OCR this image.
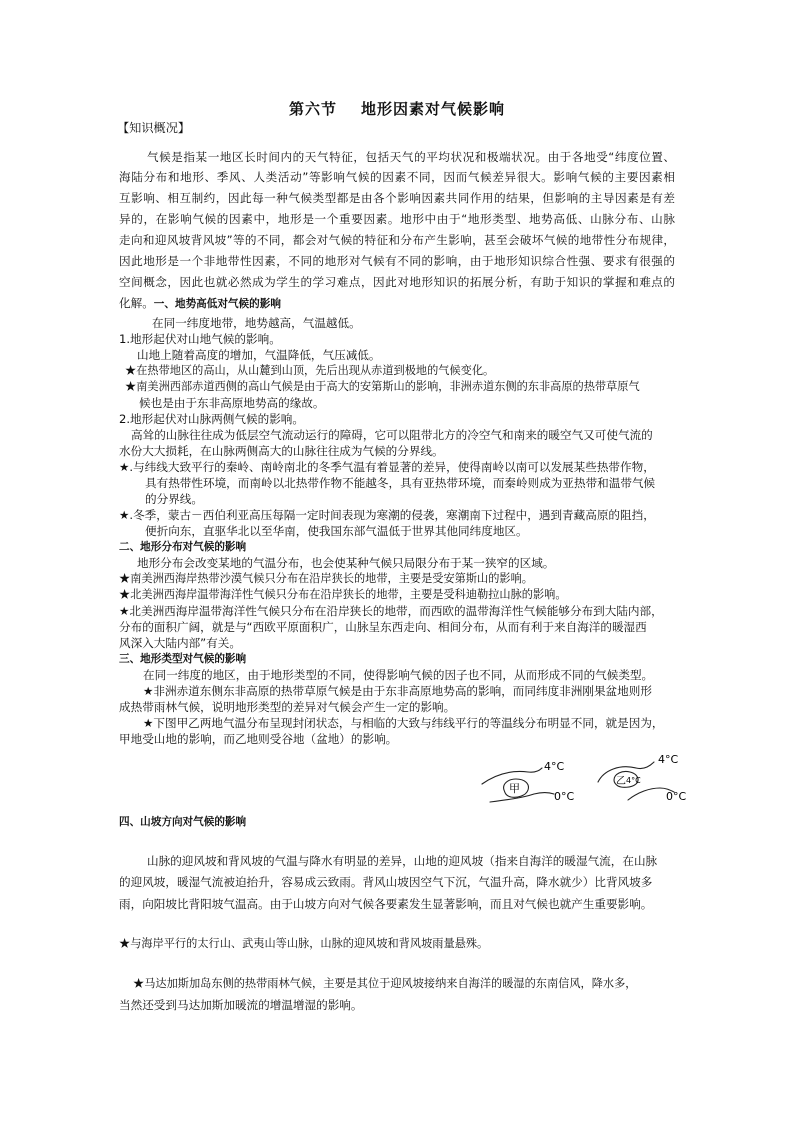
第六节 地形因素对气候影响
【知识概况】
气候是指某一地区长时间内的天气特征，包括天气的平均状况和极端状况。由于各地受“纬度位置、
海陆分布和地形、季风、人类活动”等影响气候的因素不同，因而气候差异很大。影响气候的主要因素相
互影响、相互制约，因此每一种气候类型都是由各个影响因素共同作用的结果，但影响的主导因素是有差
异的，在影响气候的因素中，地形是一个重要因素。地形中由于“地形类型、地势高低、山脉分布、山脉
走向和迎风坡背风坡”等的不同，都会对气候的特征和分布产生影响，甚至会破坏气候的地带性分布规律，
因此地形是一个非地带性因素，不同的地形对气候有不同的影响，由于地形知识综合性强、要求有很强的
空间概念，因此也就必然成为学生的学习难点，因此对地形知识的拓展分析，有助于知识的掌握和难点的
化解。一、地势高低对气候的影响
在同一纬度地带，地势越高，气温越低。
1.地形起伏对山地气候的影响。
山地上随着高度的增加，气温降低，气压减低。
★在热带地区的高山，从山麓到山顶，先后出现从赤道到极地的气候变化。
★南美洲西部赤道西侧的高山气候是由于高大的安第斯山的影响，非洲赤道东侧的东非高原的热带草原气
候也是由于东非高原地势高的缘故。
2.地形起伏对山脉两侧气候的影响。
高耸的山脉往往成为低层空气流动运行的障碍，它可以阻带北方的冷空气和南来的暖空气又可使气流的
水份大大损耗，在山脉两侧高大的山脉往往成为气候的分界线。
★.与纬线大致平行的秦岭、南岭南北的冬季气温有着显著的差异，使得南岭以南可以发展某些热带作物，
具有热带性环境，而南岭以北热带作物不能越冬，具有亚热带环境，而秦岭则成为亚热带和温带气候
的分界线。
★.冬季，蒙古－西伯利亚高压每隔一定时间表现为寒潮的侵袭，寒潮南下过程中，遇到青藏高原的阻挡，
便折向东，直驱华北以至华南，使我国东部气温低于世界其他同纬度地区。
二、地形分布对气候的影响
地形分布会改变某地的气温分布，也会使某种气候只局限分布于某一狭窄的区域。
★南美洲西海岸热带沙漠气候只分布在沿岸狭长的地带，主要是受安第斯山的影响。
★北美洲西海岸温带海洋性气候只分布在沿岸狭长的地带，主要是受科迪勒拉山脉的影响。
★北美洲西海岸温带海洋性气候只分布在沿岸狭长的地带，而西欧的温带海洋性气候能够分布到大陆内部，
分布的面积广阔，就是与“西欧平原面积广，山脉呈东西走向、相间分布，从而有利于来自海洋的暖湿西
风深入大陆内部”有关。
三、地形类型对气候的影响
在同一纬度的地区，由于地形类型的不同，使得影响气候的因子也不同，从而形成不同的气候类型。
★非洲赤道东侧东非高原的热带草原气候是由于东非高原地势高的影响，而同纬度非洲刚果盆地则形
成热带雨林气候，说明地形类型的差异对气候会产生一定的影响。
★下图甲乙两地气温分布呈现封闭状态，与相临的大致与纬线平行的等温线分布明显不同，就是因为，
甲地受山地的影响，而乙地则受谷地（盆地）的影响。
甲
4°C
0°C
乙 4°C
4°C
0°C
四、山坡方向对气候的影响
山脉的迎风坡和背风坡的气温与降水有明显的差异，山地的迎风坡（指来自海洋的暖湿气流，在山脉
的迎风坡，暖湿气流被迫抬升，容易成云致雨。背风山坡因空气下沉，气温升高，降水就少）比背风坡多
雨，向阳坡比背阳坡气温高。由于山坡方向对气候各要素发生显著影响，而且对气候也就产生重要影响。
★与海岸平行的太行山、武夷山等山脉，山脉的迎风坡和背风坡雨量悬殊。
★马达加斯加岛东侧的热带雨林气候，主要是其位于迎风坡接纳来自海洋的暖湿的东南信风，降水多，
当然还受到马达加斯加暖流的增温增湿的影响。
